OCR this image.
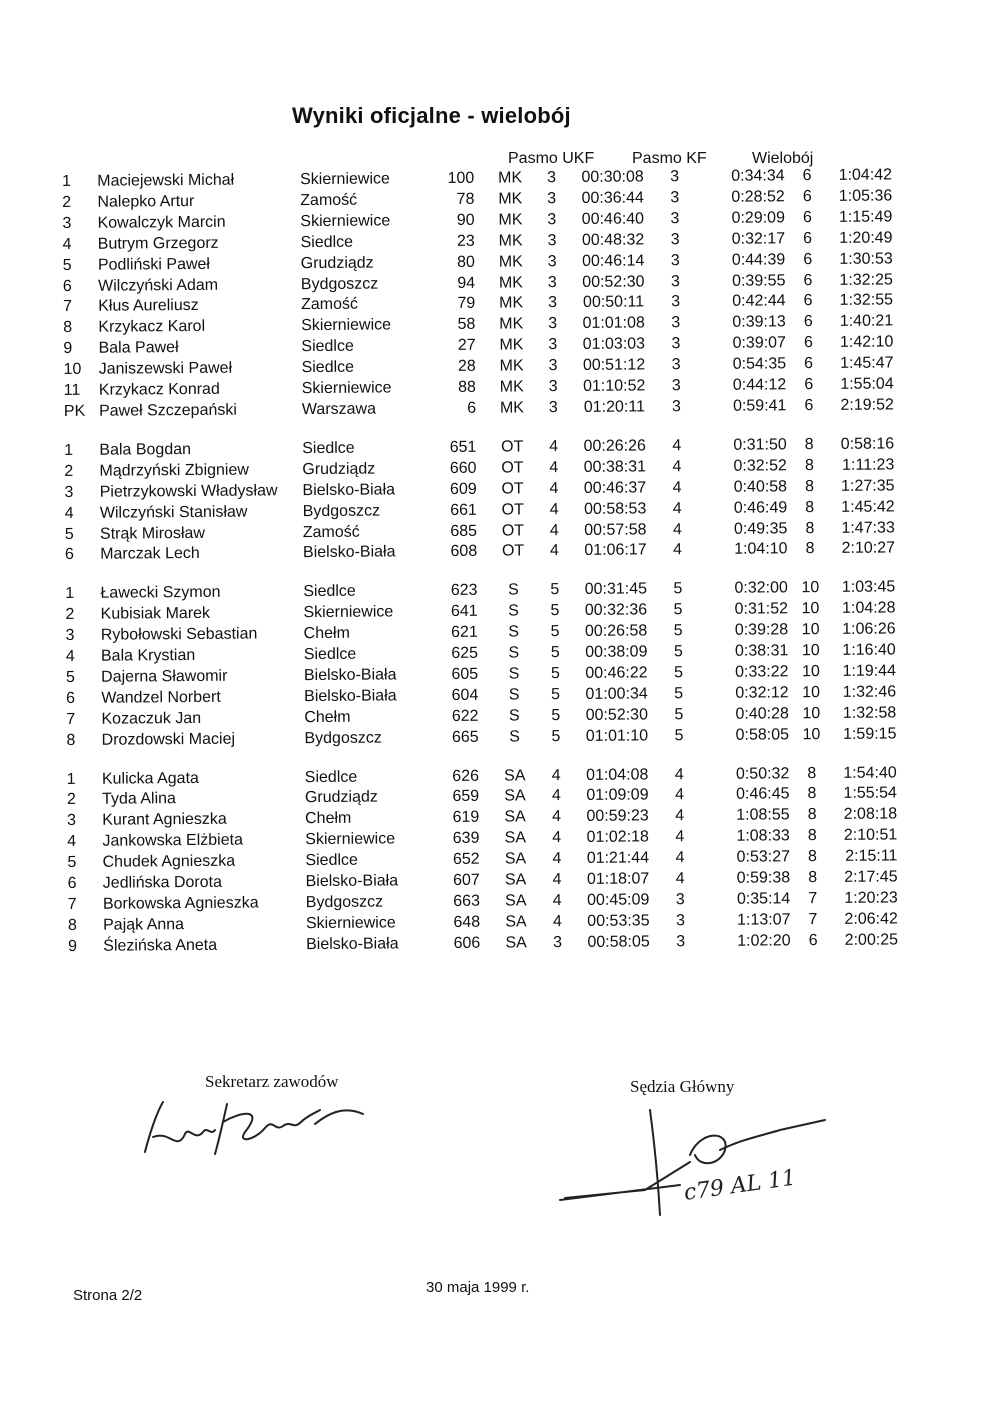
Wyniki oficjalne - wielobój
Pasmo UKF Pasmo KF	Wielobój
1	Maciejewski Michał	Skierniewice	100	MK	3	00:30:08	3	0:34:34	6	1:04:42
2	Nalepko Artur	Zamość	78	MK	3	00:36:44	3	0:28:52	6	1:05:36
3	Kowalczyk Marcin	Skierniewice	90	MK	3	00:46:40	3	0:29:09	6	1:15:49
4	Butrym Grzegorz	Siedlce	23	MK	3	00:48:32	3	0:32:17	6	1:20:49
5	Podliński Paweł	Grudziądz	80	MK	3	00:46:14	3	0:44:39	6	1:30:53
6	Wilczyński Adam	Bydgoszcz	94	MK	3	00:52:30	3	0:39:55	6	1:32:25
7	Kłus Aureliusz	Zamość	79	MK	3	00:50:11	3	0:42:44	6	1:32:55
8	Krzykacz Karol	Skierniewice	58	MK	3	01:01:08	3	0:39:13	6	1:40:21
9	Bala Paweł	Siedlce	27	MK	3	01:03:03	3	0:39:07	6	1:42:10
10	Janiszewski Paweł	Siedlce	28	MK	3	00:51:12	3	0:54:35	6	1:45:47
11	Krzykacz Konrad	Skierniewice	88	MK	3	01:10:52	3	0:44:12	6	1:55:04
PK	Paweł Szczepański	Warszawa	6	MK	3	01:20:11	3	0:59:41	6	2:19:52

1	Bala Bogdan	Siedlce	651	OT	4	00:26:26	4	0:31:50	8	0:58:16
2	Mądrzyński Zbigniew	Grudziądz	660	OT	4	00:38:31	4	0:32:52	8	1:11:23
3	Pietrzykowski Władysław	Bielsko-Biała	609	OT	4	00:46:37	4	0:40:58	8	1:27:35
4	Wilczyński Stanisław	Bydgoszcz	661	OT	4	00:58:53	4	0:46:49	8	1:45:42
5	Strąk Mirosław	Zamość	685	OT	4	00:57:58	4	0:49:35	8	1:47:33
6	Marczak Lech	Bielsko-Biała	608	OT	4	01:06:17	4	1:04:10	8	2:10:27

1	Ławecki Szymon	Siedlce	623	S	5	00:31:45	5	0:32:00	10	1:03:45
2	Kubisiak Marek	Skierniewice	641	S	5	00:32:36	5	0:31:52	10	1:04:28
3	Rybołowski Sebastian	Chełm	621	S	5	00:26:58	5	0:39:28	10	1:06:26
4	Bala Krystian	Siedlce	625	S	5	00:38:09	5	0:38:31	10	1:16:40
5	Dajerna Sławomir	Bielsko-Biała	605	S	5	00:46:22	5	0:33:22	10	1:19:44
6	Wandzel Norbert	Bielsko-Biała	604	S	5	01:00:34	5	0:32:12	10	1:32:46
7	Kozaczuk Jan	Chełm	622	S	5	00:52:30	5	0:40:28	10	1:32:58
8	Drozdowski Maciej	Bydgoszcz	665	S	5	01:01:10	5	0:58:05	10	1:59:15

1	Kulicka Agata	Siedlce	626	SA	4	01:04:08	4	0:50:32	8	1:54:40
2	Tyda Alina	Grudziądz	659	SA	4	01:09:09	4	0:46:45	8	1:55:54
3	Kurant Agnieszka	Chełm	619	SA	4	00:59:23	4	1:08:55	8	2:08:18
4	Jankowska Elżbieta	Skierniewice	639	SA	4	01:02:18	4	1:08:33	8	2:10:51
5	Chudek Agnieszka	Siedlce	652	SA	4	01:21:44	4	0:53:27	8	2:15:11
6	Jedlińska Dorota	Bielsko-Biała	607	SA	4	01:18:07	4	0:59:38	8	2:17:45
7	Borkowska Agnieszka	Bydgoszcz	663	SA	4	00:45:09	3	0:35:14	7	1:20:23
8	Pająk Anna	Skierniewice	648	SA	4	00:53:35	3	1:13:07	7	2:06:42
9	Ślezińska Aneta	Bielsko-Biała	606	SA	3	00:58:05	3	1:02:20	6	2:00:25
Sekretarz zawodów	Sędzia Główny
c79 AL 11
Strona 2/2	30 maja 1999 r.
